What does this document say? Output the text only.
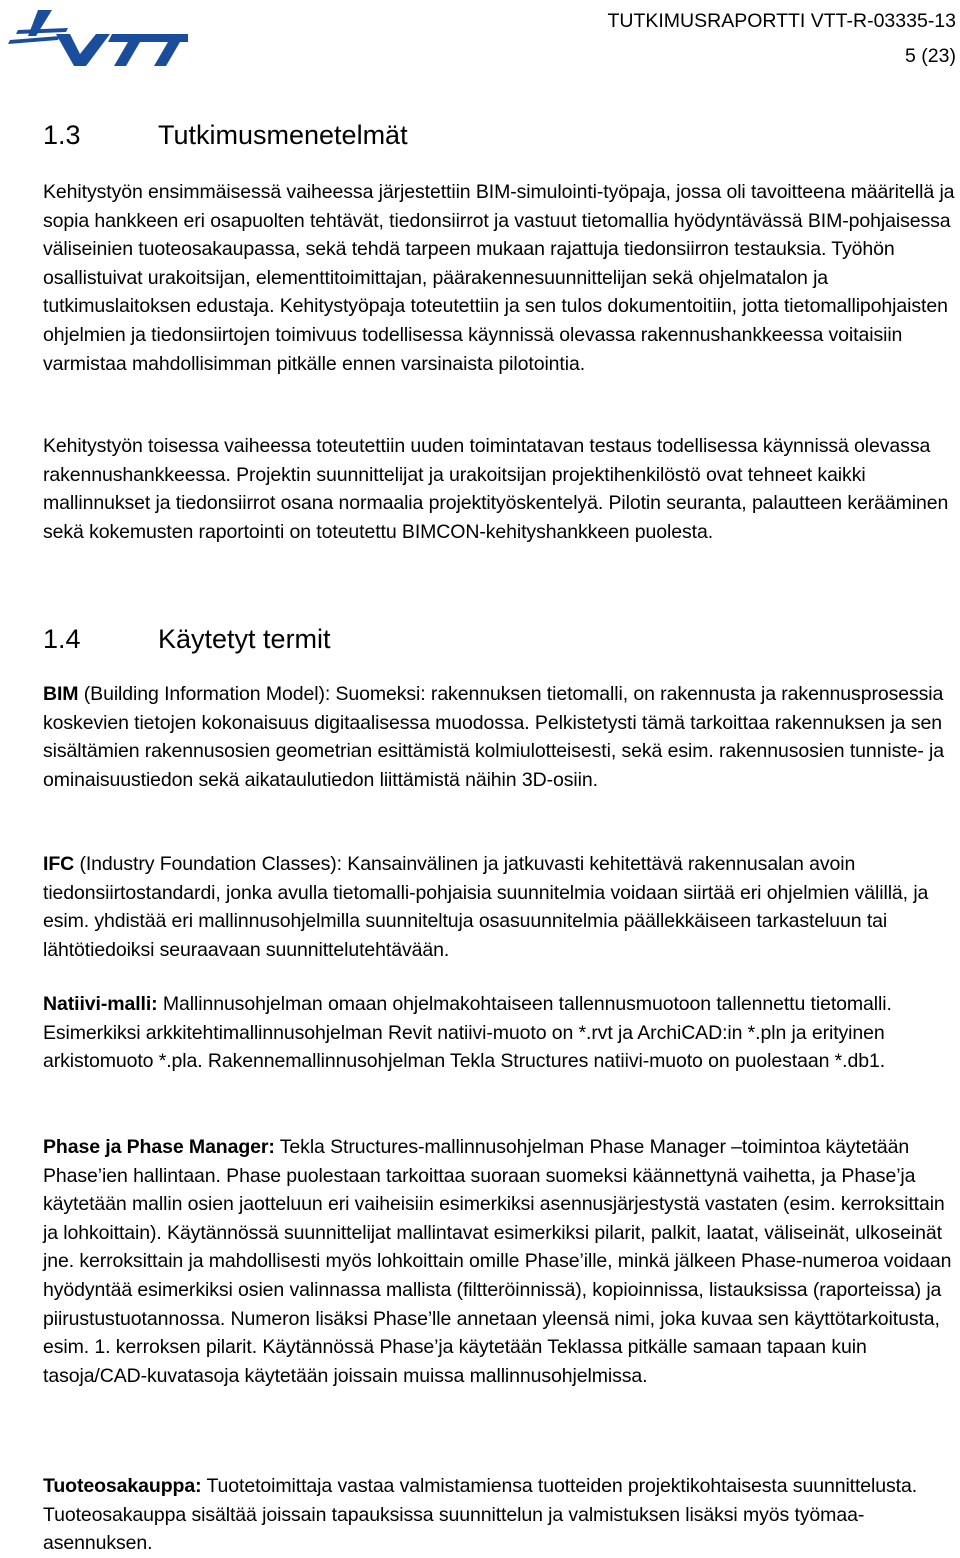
VTT
TUTKIMUSRAPORTTI VTT-R-03335-13
5 (23)
1.3	Tutkimusmenetelmät
Kehitystyön ensimmäisessä vaiheessa järjestettiin BIM-simulointi-työpaja, jossa oli tavoitteena määritellä ja sopia hankkeen eri osapuolten tehtävät, tiedonsiirrot ja vastuut tietomallia hyödyntävässä BIM-pohjaisessa väliseinien tuoteosakaupassa, sekä tehdä tarpeen mukaan rajattuja tiedonsiirron testauksia. Työhön osallistuivat urakoitsijan, elementtitoimittajan, päärakennesuunnittelijan sekä ohjelmatalon ja tutkimuslaitoksen edustaja. Kehitystyöpaja toteutettiin ja sen tulos dokumentoitiin, jotta tietomallipohjaisten ohjelmien ja tiedonsiirtojen toimivuus todellisessa käynnissä olevassa rakennushankkeessa voitaisiin varmistaa mahdollisimman pitkälle ennen varsinaista pilotointia.
Kehitystyön toisessa vaiheessa toteutettiin uuden toimintatavan testaus todellisessa käynnissä olevassa rakennushankkeessa. Projektin suunnittelijat ja urakoitsijan projektihenkilöstö ovat tehneet kaikki mallinnukset ja tiedonsiirrot osana normaalia projektityöskentelyä. Pilotin seuranta, palautteen kerääminen sekä kokemusten raportointi on toteutettu BIMCON-kehityshankkeen puolesta.
1.4	Käytetyt termit
BIM (Building Information Model): Suomeksi: rakennuksen tietomalli, on rakennusta ja rakennusprosessia koskevien tietojen kokonaisuus digitaalisessa muodossa. Pelkistetysti tämä tarkoittaa rakennuksen ja sen sisältämien rakennusosien geometrian esittämistä kolmiulotteisesti, sekä esim. rakennusosien tunniste- ja ominaisuustiedon sekä aikataulutiedon liittämistä näihin 3D-osiin.
IFC (Industry Foundation Classes): Kansainvälinen ja jatkuvasti kehitettävä rakennusalan avoin tiedonsiirtostandardi, jonka avulla tietomalli-pohjaisia suunnitelmia voidaan siirtää eri ohjelmien välillä, ja esim. yhdistää eri mallinnusohjelmilla suunniteltuja osasuunnitelmia päällekkäiseen tarkasteluun tai lähtötiedoiksi seuraavaan suunnittelutehtävään.
Natiivi-malli: Mallinnusohjelman omaan ohjelmakohtaiseen tallennusmuotoon tallennettu tietomalli. Esimerkiksi arkkitehtimallinnusohjelman Revit natiivi-muoto on *.rvt ja ArchiCAD:in *.pln ja erityinen arkistomuoto *.pla. Rakennemallinnusohjelman Tekla Structures natiivi-muoto on puolestaan *.db1.
Phase ja Phase Manager: Tekla Structures-mallinnusohjelman Phase Manager –toimintoa käytetään Phase’ien hallintaan. Phase puolestaan tarkoittaa suoraan suomeksi käännettynä vaihetta, ja Phase’ja käytetään mallin osien jaotteluun eri vaiheisiin esimerkiksi asennusjärjestystä vastaten (esim. kerroksittain ja lohkoittain). Käytännössä suunnittelijat mallintavat esimerkiksi pilarit, palkit, laatat, väliseinät, ulkoseinät jne. kerroksittain ja mahdollisesti myös lohkoittain omille Phase’ille, minkä jälkeen Phase-numeroa voidaan hyödyntää esimerkiksi osien valinnassa mallista (filtteröinnissä), kopioinnissa, listauksissa (raporteissa) ja piirustustuotannossa. Numeron lisäksi Phase’lle annetaan yleensä nimi, joka kuvaa sen käyttötarkoitusta, esim. 1. kerroksen pilarit. Käytännössä Phase’ja käytetään Teklassa pitkälle samaan tapaan kuin tasoja/CAD-kuvatasoja käytetään joissain muissa mallinnusohjelmissa.
Tuoteosakauppa: Tuotetoimittaja vastaa valmistamiensa tuotteiden projektikohtaisesta suunnittelusta. Tuoteosakauppa sisältää joissain tapauksissa suunnittelun ja valmistuksen lisäksi myös työmaa-asennuksen.
